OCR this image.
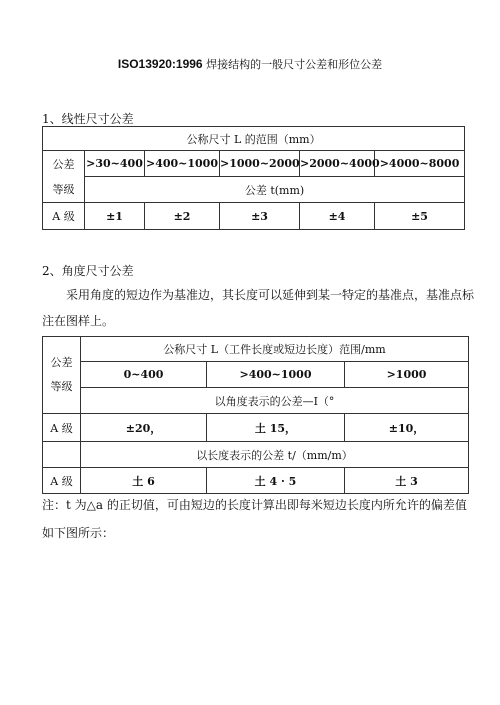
ISO13920:1996 焊接结构的一般尺寸公差和形位公差
1、线性尺寸公差
公称尺寸 L 的范围（mm）					
公差	>30~400	>400~1000	>1000~2000	>2000~4000	>4000~8000
等级	公差 t(mm)				
A 级	±1	±2	±3	±4	±5
2、角度尺寸公差
采用角度的短边作为基准边，其长度可以延伸到某一特定的基准点，基准点标注在图样上。
公差
等级	公称尺寸 L（工件长度或短边长度）范围/mm		
	0~400	>400~1000	>1000
	以角度表示的公差—Ι（°		
A 级	±20，	土 15，	±10，
	以长度表示的公差 t/（mm/m）		
A 级	土 6	土 4 · 5	土 3
注：t 为△a 的正切值，可由短边的长度计算出即每米短边长度内所允许的偏差值
如下图所示：
